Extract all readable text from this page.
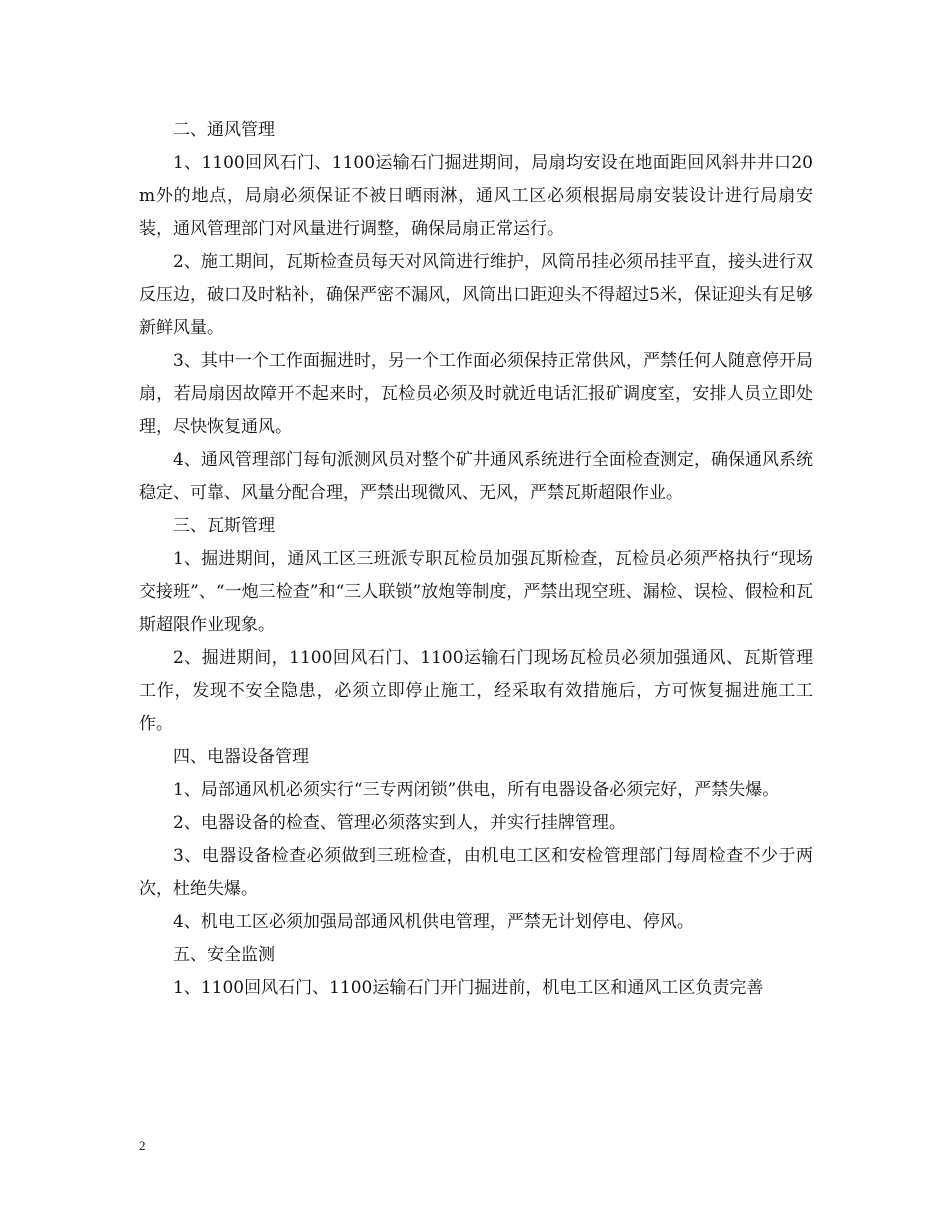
二、通风管理

1、1100回风石门、1100运输石门掘进期间，局扇均安设在地面距回风斜井井口20m外的地点，局扇必须保证不被日晒雨淋，通风工区必须根据局扇安装设计进行局扇安装，通风管理部门对风量进行调整，确保局扇正常运行。

2、施工期间，瓦斯检查员每天对风筒进行维护，风筒吊挂必须吊挂平直，接头进行双反压边，破口及时粘补，确保严密不漏风，风筒出口距迎头不得超过5米，保证迎头有足够新鲜风量。

3、其中一个工作面掘进时，另一个工作面必须保持正常供风，严禁任何人随意停开局扇，若局扇因故障开不起来时，瓦检员必须及时就近电话汇报矿调度室，安排人员立即处理，尽快恢复通风。

4、通风管理部门每旬派测风员对整个矿井通风系统进行全面检查测定，确保通风系统稳定、可靠、风量分配合理，严禁出现微风、无风，严禁瓦斯超限作业。

三、瓦斯管理

1、掘进期间，通风工区三班派专职瓦检员加强瓦斯检查，瓦检员必须严格执行“现场交接班”、“一炮三检查”和“三人联锁”放炮等制度，严禁出现空班、漏检、误检、假检和瓦斯超限作业现象。

2、掘进期间，1100回风石门、1100运输石门现场瓦检员必须加强通风、瓦斯管理工作，发现不安全隐患，必须立即停止施工，经采取有效措施后，方可恢复掘进施工工作。

四、电器设备管理

1、局部通风机必须实行“三专两闭锁”供电，所有电器设备必须完好，严禁失爆。

2、电器设备的检查、管理必须落实到人，并实行挂牌管理。

3、电器设备检查必须做到三班检查，由机电工区和安检管理部门每周检查不少于两次，杜绝失爆。

4、机电工区必须加强局部通风机供电管理，严禁无计划停电、停风。

五、安全监测

1、1100回风石门、1100运输石门开门掘进前，机电工区和通风工区负责完善

2
